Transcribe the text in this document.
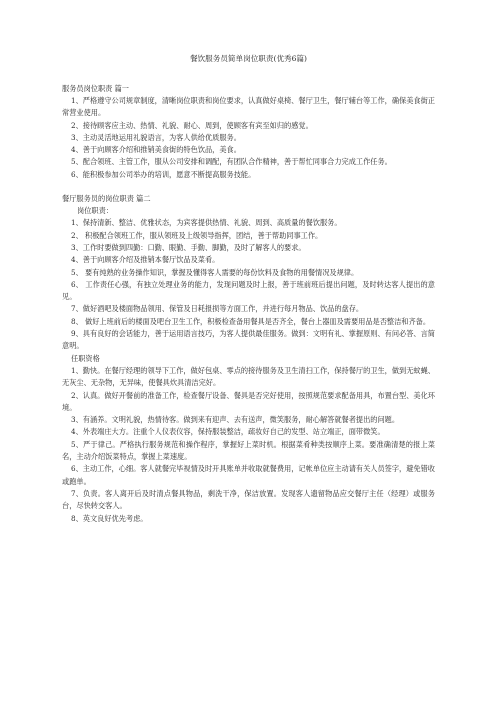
餐饮服务员简单岗位职责(优秀6篇)

服务员岗位职责 篇一

1、严格遵守公司规章制度，清晰岗位职责和岗位要求，认真做好桌椅、餐厅卫生，餐厅辅台等工作，确保美食街正常营业使用。

2、接待顾客应主动、热情、礼貌、耐心、周到，使顾客有宾至如归的感觉。

3、主动灵活地运用礼貌语言，为客人供给优质服务。

4、善于向顾客介绍和推销美食街的特色饮品，美食。

5、配合领班、主管工作，服从公司安排和调配，有团队合作精神，善于帮忙同事合力完成工作任务。

6、能积极参加公司举办的培训，愿意不断提高服务技能。

餐厅服务员的岗位职责 篇二

岗位职责：

1、保持清新、整洁、优雅状态，为宾客提供热情、礼貌、周到、高质量的餐饮服务。

2、 积极配合领班工作，服从领班及上级领导指挥，团结，善于帮助同事工作。

3、工作时要做到四勤：口勤、眼勤、手勤、脚勤，及时了解客人的要求。

4、善于向顾客介绍及推销本餐厅饮品及菜肴。

5、 要有纯熟的业务操作知识，掌握及懂得客人需要的每份饮料及食物的用餐情况及规律。

6、 工作责任心强，有独立处理业务的能力，发现问题及时上报，善于班前班后提出问题，及时转达客人提出的意见。

7、做好酒吧及楼面物品领用、保管及日耗报损等方面工作，并进行每月物品、饮品的盘存。

8、 做好上班前后的楼面及吧台卫生工作，积极检查备用餐具是否齐全，餐台上器皿及需要用品是否整洁和齐备。

9、具有良好的会话能力，善于运用语言技巧，为客人提供最佳服务。做到：文明有礼、掌握原则、有问必答、言简意明。

任职资格

1、勤快。在餐厅经理的领导下工作，做好包桌、零点的接待服务及卫生清扫工作，保持餐厅的卫生，做到无蚊蝇、无灰尘、无杂物，无异味，使餐具炊具清洁完好。

2、认真。做好开餐前的准备工作，检查餐厅设备、餐具是否完好使用，按照规范要求配备用具，布置台型、美化环境。

3、有涵养。文明礼貌，热情待客。做到来有迎声、去有送声，微笑服务，耐心解答就餐者提出的问题。

4、外表端庄大方。注重个人仪表仪容，保持服装整洁，疏妆好自己的发型、站立端正，面带微笑。

5、严于律己。严格执行服务规范和操作程序，掌握好上菜时机。根据菜肴种类按顺序上菜。要准确清楚的报上菜名，主动介绍饭菜特点，掌握上菜速度。

6、主动工作，心细。客人就餐完毕视情及时开具账单并收取就餐费用，记帐单位应主动请有关人员签字，避免错收或跑单。

7、负责。客人离开后及时清点餐具物品，剩洗干净，保洁放置。发现客人遗留物品应交餐厅主任（经理）或服务台，尽快转交客人。

8、英文良好优先考虑。
